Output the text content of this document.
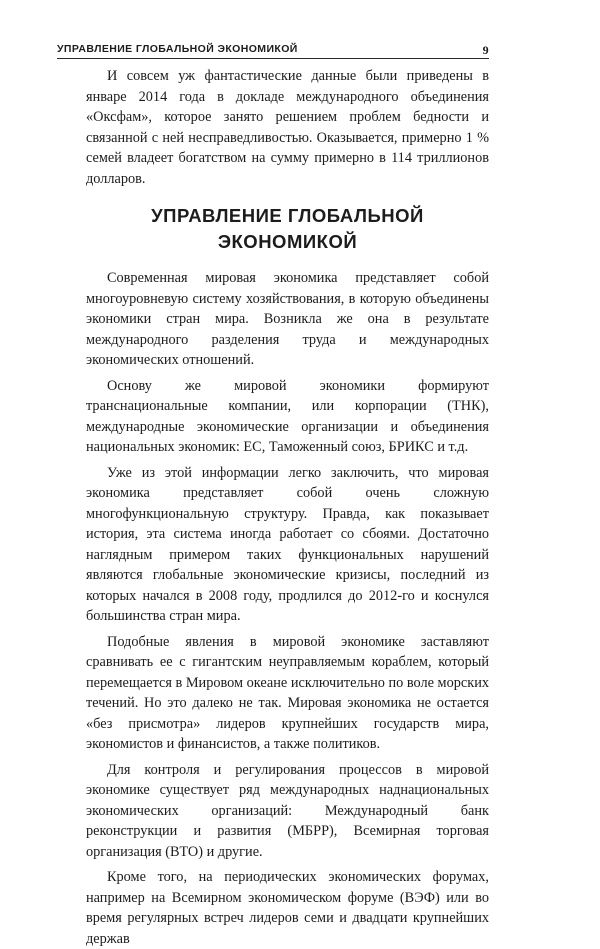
УПРАВЛЕНИЕ ГЛОБАЛЬНОЙ ЭКОНОМИКОЙ	9

И совсем уж фантастические данные были приведены в январе 2014 года в докладе международного объединения «Оксфам», которое занято решением проблем бедности и связанной с ней несправедливостью. Оказывается, примерно 1 % семей владеет богатством на сумму примерно в 114 триллионов долларов.

УПРАВЛЕНИЕ ГЛОБАЛЬНОЙ ЭКОНОМИКОЙ

Современная мировая экономика представляет собой многоуровневую систему хозяйствования, в которую объединены экономики стран мира. Возникла же она в результате международного разделения труда и международных экономических отношений.

Основу же мировой экономики формируют транснациональные компании, или корпорации (ТНК), международные экономические организации и объединения национальных экономик: ЕС, Таможенный союз, БРИКС и т.д.

Уже из этой информации легко заключить, что мировая экономика представляет собой очень сложную многофункциональную структуру. Правда, как показывает история, эта система иногда работает со сбоями. Достаточно наглядным примером таких функциональных нарушений являются глобальные экономические кризисы, последний из которых начался в 2008 году, продлился до 2012-го и коснулся большинства стран мира.

Подобные явления в мировой экономике заставляют сравнивать ее с гигантским неуправляемым кораблем, который перемещается в Мировом океане исключительно по воле морских течений. Но это далеко не так. Мировая экономика не остается «без присмотра» лидеров крупнейших государств мира, экономистов и финансистов, а также политиков.

Для контроля и регулирования процессов в мировой экономике существует ряд международных наднациональных экономических организаций: Международный банк реконструкции и развития (МБРР), Всемирная торговая организация (ВТО) и другие.

Кроме того, на периодических экономических форумах, например на Всемирном экономическом форуме (ВЭФ) или во время регулярных встреч лидеров семи и двадцати крупнейших держав
